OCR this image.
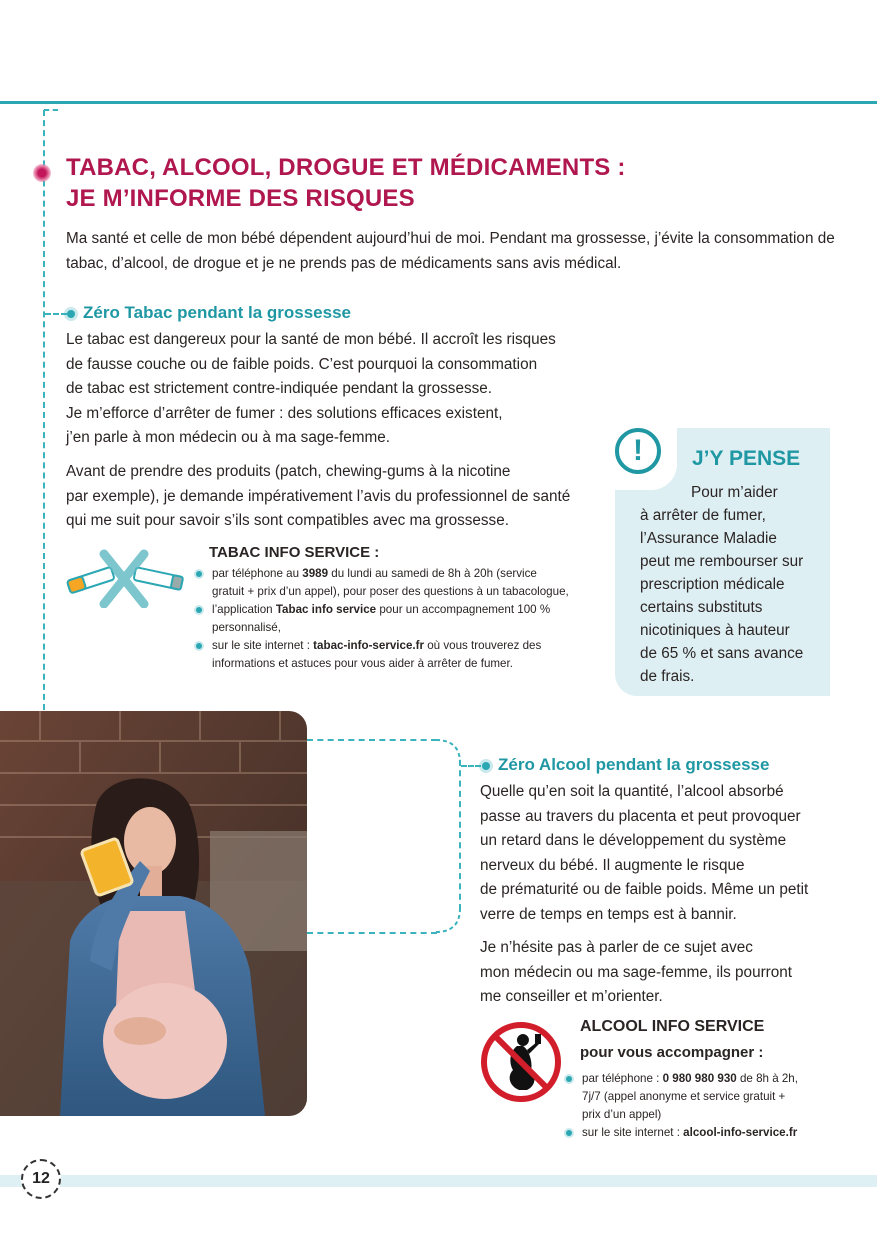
TABAC, ALCOOL, DROGUE ET MÉDICAMENTS :
JE M’INFORME DES RISQUES
Ma santé et celle de mon bébé dépendent aujourd’hui de moi. Pendant ma grossesse, j’évite la consommation de tabac, d’alcool, de drogue et je ne prends pas de médicaments sans avis médical.
Zéro Tabac pendant la grossesse
Le tabac est dangereux pour la santé de mon bébé. Il accroît les risques
de fausse couche ou de faible poids. C’est pourquoi la consommation
de tabac est strictement contre-indiquée pendant la grossesse.
Je m’efforce d’arrêter de fumer : des solutions efficaces existent,
j’en parle à mon médecin ou à ma sage-femme.
Avant de prendre des produits (patch, chewing-gums à la nicotine
par exemple), je demande impérativement l’avis du professionnel de santé
qui me suit pour savoir s’ils sont compatibles avec ma grossesse.
TABAC INFO SERVICE :
par téléphone au 3989 du lundi au samedi de 8h à 20h (service
gratuit + prix d’un appel), pour poser des questions à un tabacologue,
l’application Tabac info service pour un accompagnement 100 %
personnalisé,
sur le site internet : tabac-info-service.fr où vous trouverez des
informations et astuces pour vous aider à arrêter de fumer.
!	J’Y PENSE
Pour m’aider
à arrêter de fumer,
l’Assurance Maladie
peut me rembourser sur
prescription médicale
certains substituts
nicotiniques à hauteur
de 65 % et sans avance
de frais.
Zéro Alcool pendant la grossesse
Quelle qu’en soit la quantité, l’alcool absorbé
passe au travers du placenta et peut provoquer
un retard dans le développement du système
nerveux du bébé. Il augmente le risque
de prématurité ou de faible poids. Même un petit
verre de temps en temps est à bannir.
Je n’hésite pas à parler de ce sujet avec
mon médecin ou ma sage-femme, ils pourront
me conseiller et m’orienter.
ALCOOL INFO SERVICE
pour vous accompagner :
par téléphone : 0 980 980 930 de 8h à 2h,
7j/7 (appel anonyme et service gratuit +
prix d’un appel)
sur le site internet : alcool-info-service.fr
12
